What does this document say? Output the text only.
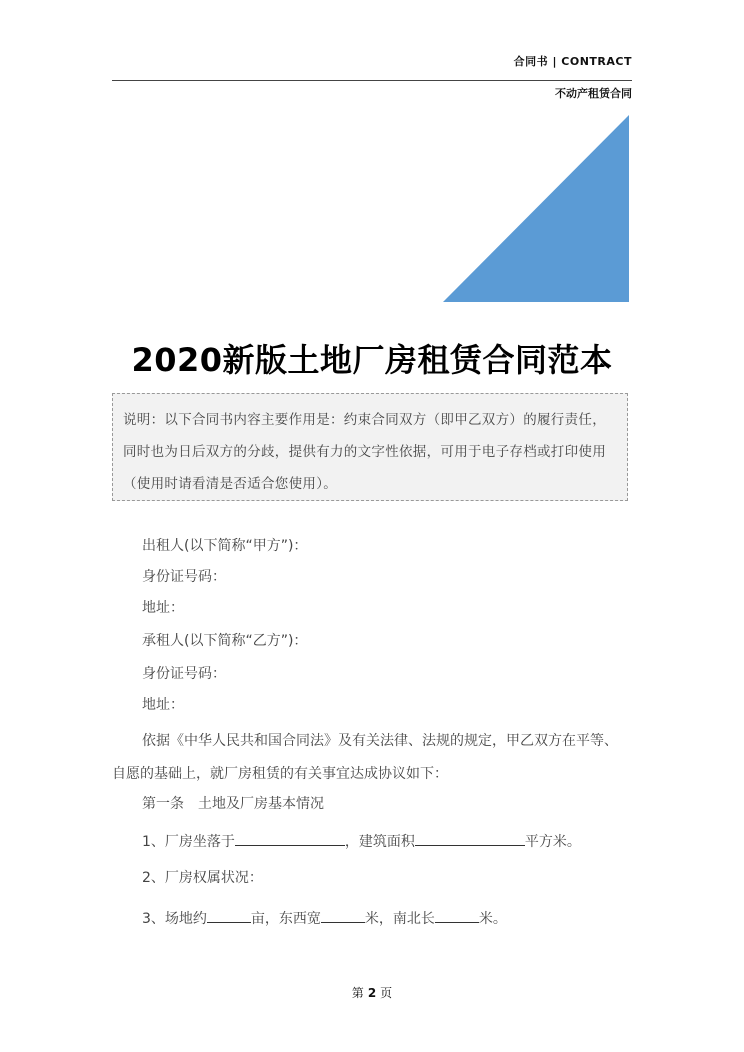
合同书 | CONTRACT
不动产租赁合同
2020新版土地厂房租赁合同范本
说明：以下合同书内容主要作用是：约束合同双方（即甲乙双方）的履行责任，同时也为日后双方的分歧，提供有力的文字性依据，可用于电子存档或打印使用（使用时请看清是否适合您使用）。
出租人(以下简称“甲方”)：
身份证号码：
地址：
承租人(以下简称“乙方”)：
身份证号码：
地址：
依据《中华人民共和国合同法》及有关法律、法规的规定，甲乙双方在平等、
自愿的基础上，就厂房租赁的有关事宜达成协议如下：
第一条　土地及厂房基本情况
1、厂房坐落于	，建筑面积	平方米。
2、厂房权属状况：
3、场地约	亩，东西宽	米，南北长	米。
第 2 页
